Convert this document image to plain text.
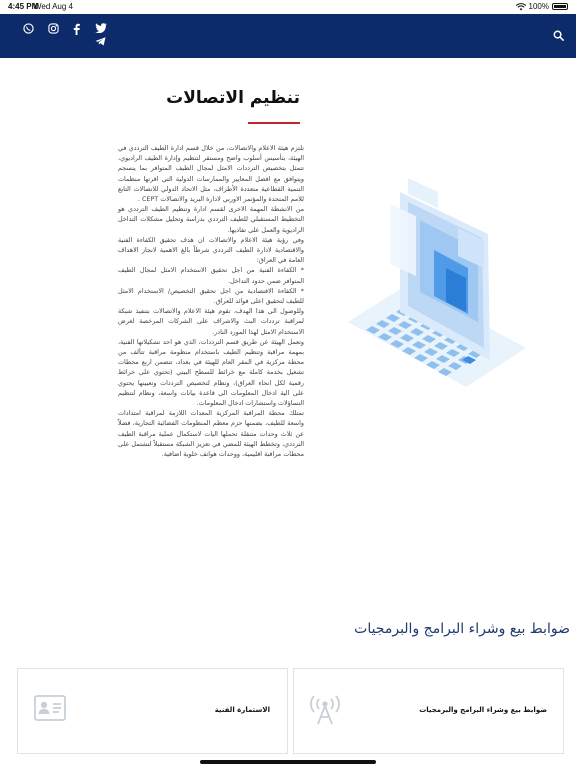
4:45 PM
Wed Aug 4	100%
تنظيم الاتصالات

تلتزم هيئة الاعلام والاتصالات، من خلال قسم ادارة الطيف الترددي في الهيئة، بتأسيس أسلوب واضح ومستقر لتنظيم وإدارة الطيف الراديوي، تتمثل بتخصيص الترددات الامثل لمجال الطيف المتوافر بما ينسجم ويتوافق مع افضل المعايير والممارسات الدولية التي اقرتها منظمات التنمية القطاعية متعددة الأطراف، مثل الاتحاد الدولي للاتصالات التابع للامم المتحدة والمؤتمر الاوربي لادارة البريد والاتصالات CEPT .

من الانشطة المهمة الاخرى لقسم ادارة وتنظيم الطيف الترددي هو التخطيط المستقبلي للطيف الترددي بدراسة وتحليل مشكلات التداخل الراديوية والعمل على تفاديها.

وفي رؤية هيئة الاعلام والاتصالات ان هدف تحقيق الكفاءة الفنية والاقتصادية لادارة الطيف الترددي شرطاً بالغ الاهمية لانجاز الاهداف العامة في العراق:

* الكفاءة الفنية من اجل تحقيق الاستخدام الامثل لمجال الطيف المتوافر ضمن حدود التداخل.

* الكفاءة الاقتصادية من اجل تحقيق التخصيص/ الاستخدام الامثل للطيف لتحقيق اعلى فوائد للعراق.

وللوصول الى هذا الهدف، تقوم هيئة الاعلام والاتصالات بتنفيذ شبكة لمراقبة ترددات البث والاشراف على الشركات المرخصة لغرض الاستخدام الامثل لهذا المورد النادر.

وتعمل الهيئة عن طريق قسم الترددات، الذي هو احد تشكيلاتها الفنية، بمهمة مراقبة وتنظيم الطيف باستخدام منظومة مراقبة تتألف من محطة مركزية في المقر العام للهيئة في بغداد، تتضمن اربع محطات تشغيل بخدمة كاملة مع خرائط للسطح البيني (تحتوي على خرائط رقمية لكل انحاء العراق)، ونظام لتخصيص الترددات وتعيينها يحتوي على الية ادخال المعلومات الى قاعدة بيانات واسعة، ونظام لتنظيم التساؤلات واستشارات ادخال المعلومات.

تمتلك محطة المراقبة المركزية المعدات اللازمة لمراقبة امتدادات واسعة للطيف، بضمنها حزم معظم المنظومات الفضائية التجارية، فضلاً عن ثلاث وحدات متنقلة تحملها اليات لاستكمال عملية مراقبة الطيف الترددي، وتخطط الهيئة للمضي في تعزيز الشبكة مستقبلاً لتشتمل على محطات مراقبة اقليمية، ووحدات هواتف خلوية اضافية.

ضوابط بيع وشراء البرامج والبرمجيات
الاستمارة الفنية	ضوابط بيع وشراء البرامج والبرمجيات
